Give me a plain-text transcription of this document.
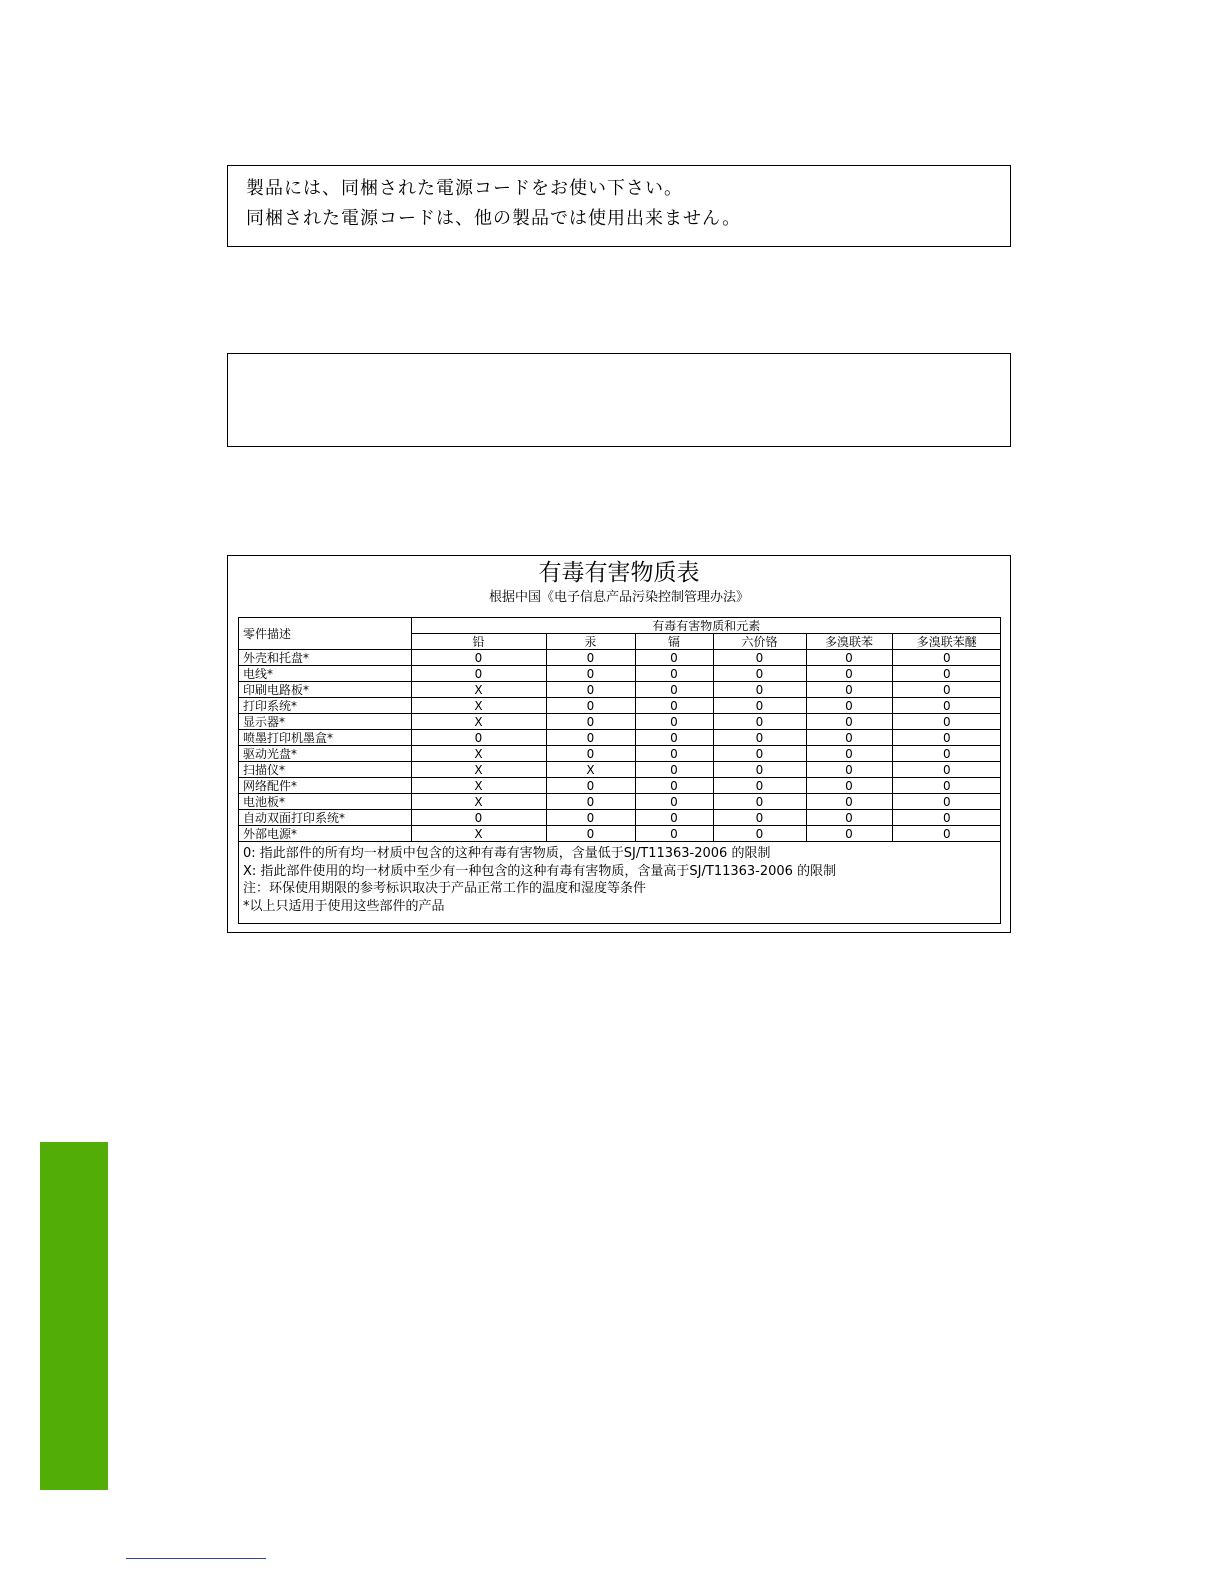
製品には、同梱された電源コードをお使い下さい。
同梱された電源コードは、他の製品では使用出来ません。
有毒有害物质表
根据中国《电子信息产品污染控制管理办法》
零件描述	有毒有害物质和元素					
	铅	汞	镉	六价铬	多溴联苯	多溴联苯醚
外壳和托盘*	0	0	0	0	0	0
电线*	0	0	0	0	0	0
印刷电路板*	X	0	0	0	0	0
打印系统*	X	0	0	0	0	0
显示器*	X	0	0	0	0	0
喷墨打印机墨盒*	0	0	0	0	0	0
驱动光盘*	X	0	0	0	0	0
扫描仪*	X	X	0	0	0	0
网络配件*	X	0	0	0	0	0
电池板*	X	0	0	0	0	0
自动双面打印系统*	0	0	0	0	0	0
外部电源*	X	0	0	0	0	0
0: 指此部件的所有均一材质中包含的这种有毒有害物质，含量低于SJ/T11363-2006 的限制
X: 指此部件使用的均一材质中至少有一种包含的这种有毒有害物质，含量高于SJ/T11363-2006 的限制
注：环保使用期限的参考标识取决于产品正常工作的温度和湿度等条件
*以上只适用于使用这些部件的产品
